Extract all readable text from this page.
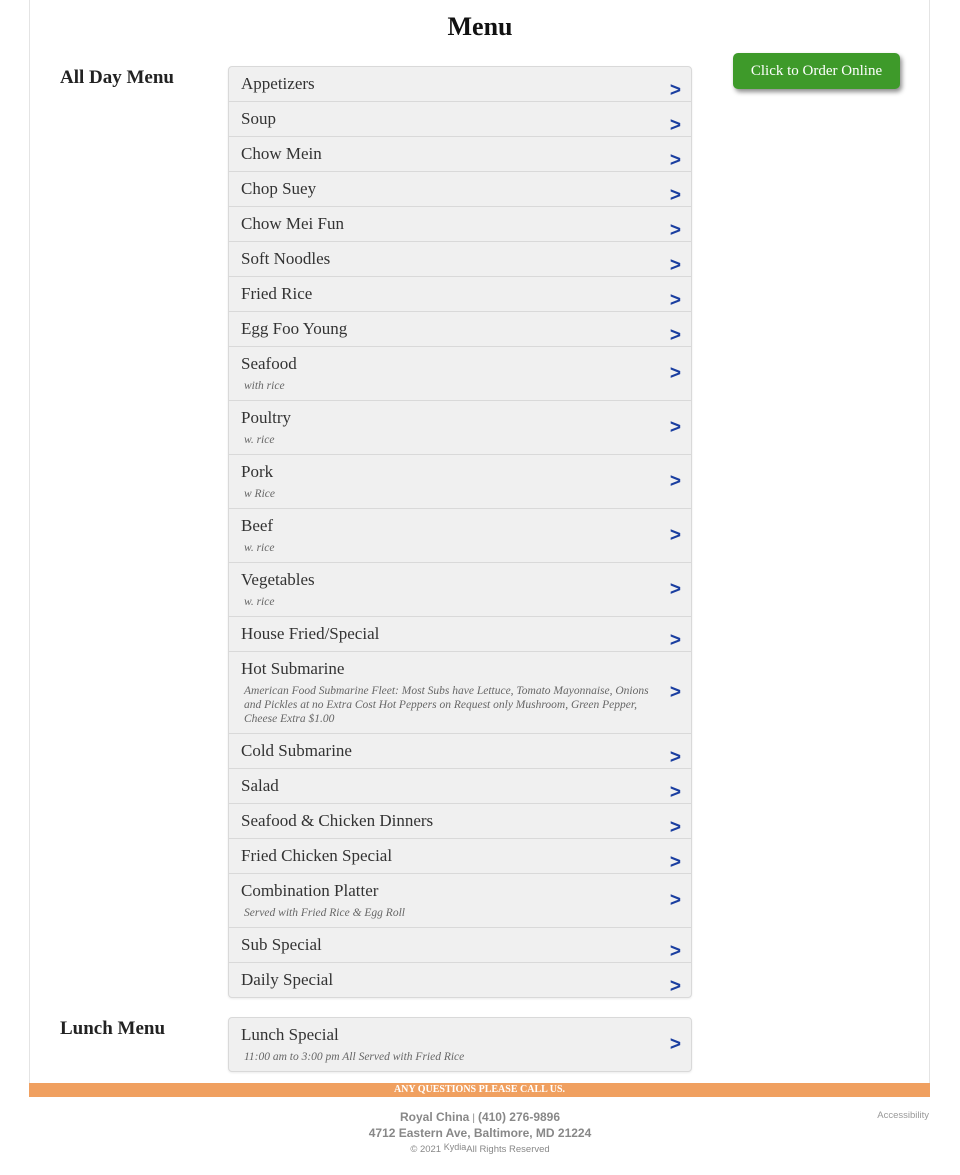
Menu
All Day Menu	Click to Order Online
Appetizers	>
Soup	>
Chow Mein	>
Chop Suey	>
Chow Mei Fun	>
Soft Noodles	>
Fried Rice	>
Egg Foo Young	>
Seafood
with rice
>
Poultry
w. rice
>
Pork
w Rice
>
Beef
w. rice
>
Vegetables
w. rice
>
House Fried/Special	>
Hot Submarine
American Food Submarine Fleet: Most Subs have Lettuce, Tomato Mayonnaise, Onions and Pickles at no Extra Cost Hot Peppers on Request only Mushroom, Green Pepper, Cheese Extra $1.00
>
Cold Submarine	>
Salad	>
Seafood & Chicken Dinners	>
Fried Chicken Special	>
Combination Platter
Served with Fried Rice & Egg Roll
>
Sub Special	>
Daily Special	>
Lunch Menu	Lunch Special
11:00 am to 3:00 pm All Served with Fried Rice
>
ANY QUESTIONS PLEASE CALL US.
Royal China | (410) 276-9896
4712 Eastern Ave, Baltimore, MD 21224
© 2021 KydiaAll Rights Reserved
Accessibility
